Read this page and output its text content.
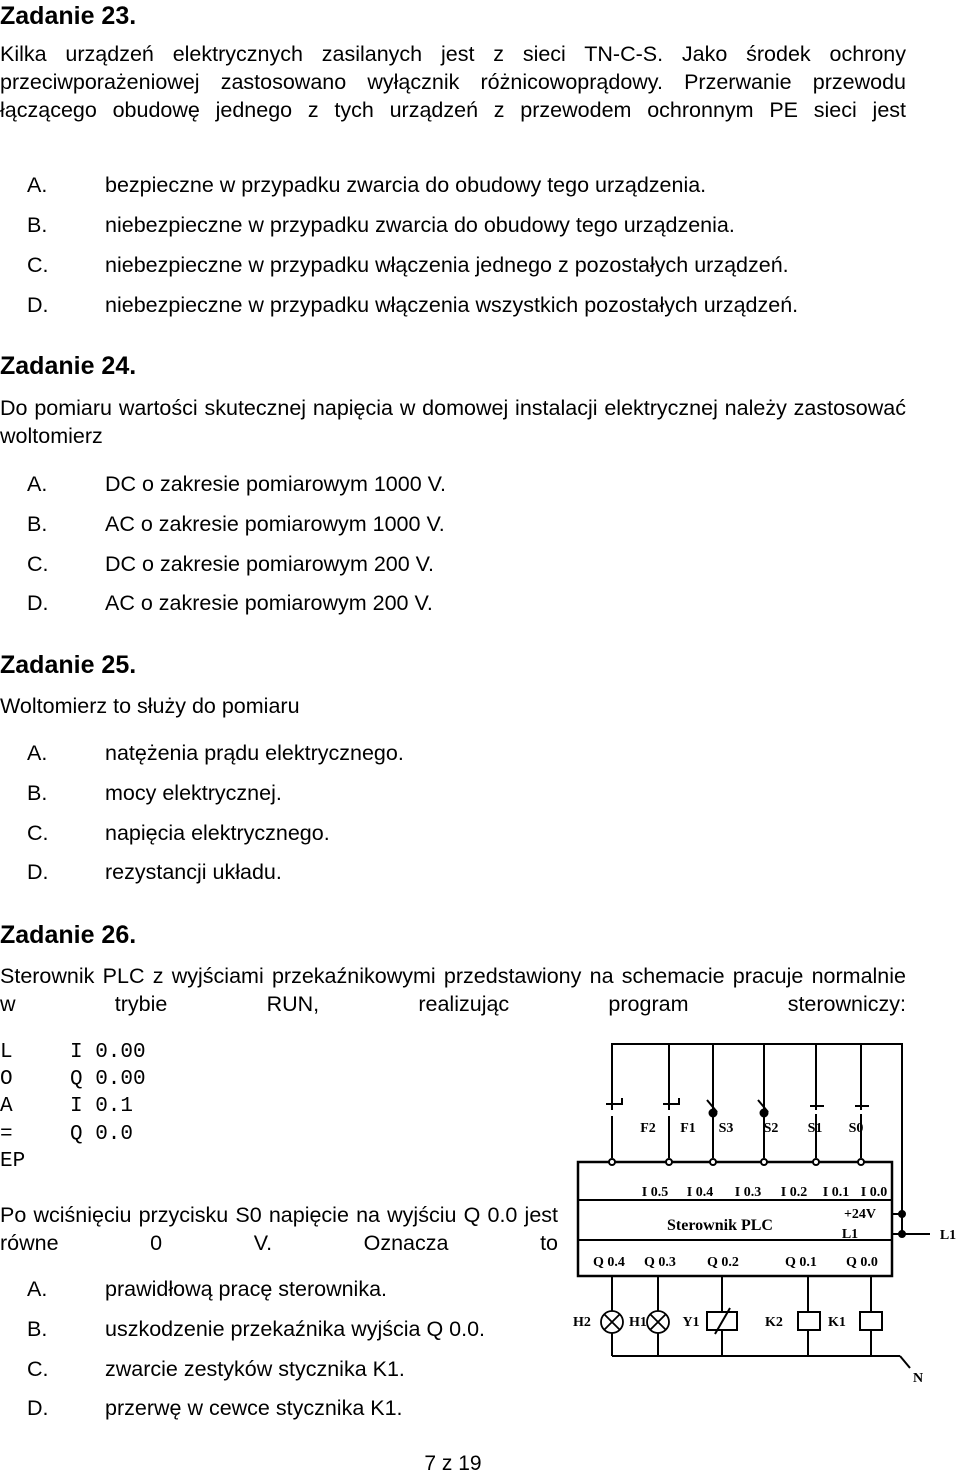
Zadanie 23.
Kilka urządzeń elektrycznych zasilanych jest z sieci TN-C-S. Jako środek ochrony przeciwporażeniowej zastosowano wyłącznik różnicowoprądowy. Przerwanie przewodu łączącego obudowę jednego z tych urządzeń z przewodem ochronnym PE sieci jest
A.	bezpieczne w przypadku zwarcia do obudowy tego urządzenia.
B.	niebezpieczne w przypadku zwarcia do obudowy tego urządzenia.
C.	niebezpieczne w przypadku włączenia jednego z pozostałych urządzeń.
D.	niebezpieczne w przypadku włączenia wszystkich pozostałych urządzeń.
Zadanie 24.
Do pomiaru wartości skutecznej napięcia w domowej instalacji elektrycznej należy zastosować woltomierz
A.	DC o zakresie pomiarowym 1000 V.
B.	AC o zakresie pomiarowym 1000 V.
C.	DC o zakresie pomiarowym 200 V.
D.	AC o zakresie pomiarowym 200 V.
Zadanie 25.
Woltomierz to służy do pomiaru
A.	natężenia prądu elektrycznego.
B.	mocy elektrycznej.
C.	napięcia elektrycznego.
D.	rezystancji układu.
Zadanie 26.
Sterownik PLC z wyjściami przekaźnikowymi przedstawiony na schemacie pracuje normalnie w trybie RUN, realizując program sterowniczy:
L	I 0.00
O	Q 0.00
A	I 0.1
=	Q 0.0
EP
Po wciśnięciu przycisku S0 napięcie na wyjściu Q 0.0 jest równe 0 V. Oznacza to
A.	prawidłową pracę sterownika.
B.	uszkodzenie przekaźnika wyjścia Q 0.0.
C.	zwarcie zestyków stycznika K1.
D.	przerwę w cewce stycznika K1.
F2 F1 S3 S2 S1 S0
I 0.5 I 0.4 I 0.3 I 0.2 I 0.1 I 0.0
Sterownik PLC
+24V
L1
Q 0.4 Q 0.3 Q 0.2	Q 0.1 Q 0.0
L1
N
H2	H1	Y1	K2	K1
7 z 19
